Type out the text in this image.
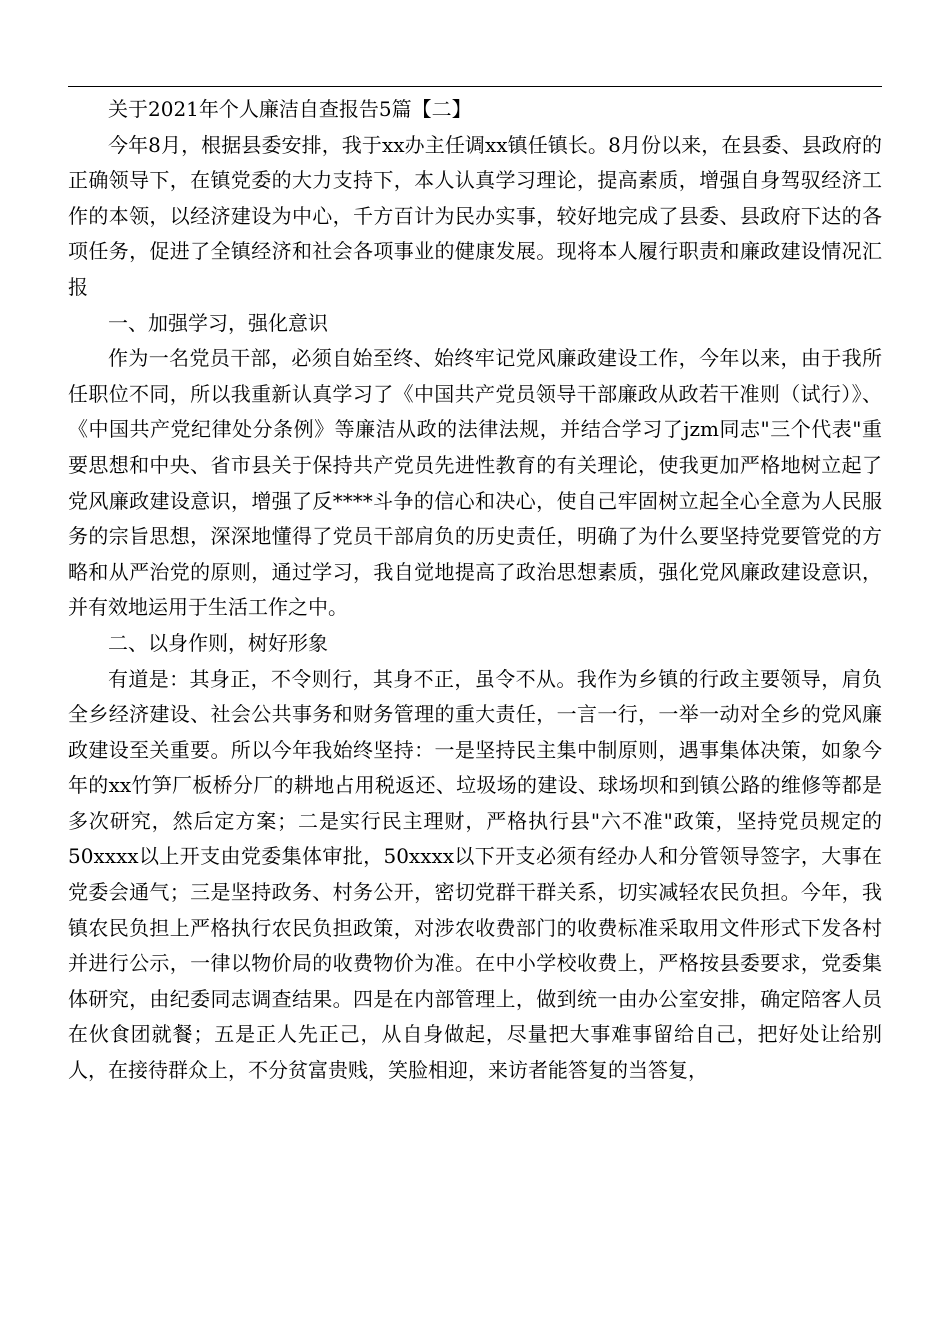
关于2021年个人廉洁自查报告5篇【二】

今年8月，根据县委安排，我于xx办主任调xx镇任镇长。8月份以来，在县委、县政府的正确领导下，在镇党委的大力支持下，本人认真学习理论，提高素质，增强自身驾驭经济工作的本领，以经济建设为中心，千方百计为民办实事，较好地完成了县委、县政府下达的各项任务，促进了全镇经济和社会各项事业的健康发展。现将本人履行职责和廉政建设情况汇报

一、加强学习，强化意识

作为一名党员干部，必须自始至终、始终牢记党风廉政建设工作，今年以来，由于我所任职位不同，所以我重新认真学习了《中国共产党员领导干部廉政从政若干准则（试行）》、《中国共产党纪律处分条例》等廉洁从政的法律法规，并结合学习了jzm同志"三个代表"重要思想和中央、省市县关于保持共产党员先进性教育的有关理论，使我更加严格地树立起了党风廉政建设意识，增强了反****斗争的信心和决心，使自己牢固树立起全心全意为人民服务的宗旨思想，深深地懂得了党员干部肩负的历史责任，明确了为什么要坚持党要管党的方略和从严治党的原则，通过学习，我自觉地提高了政治思想素质，强化党风廉政建设意识，并有效地运用于生活工作之中。

二、以身作则，树好形象

有道是：其身正，不令则行，其身不正，虽令不从。我作为乡镇的行政主要领导，肩负全乡经济建设、社会公共事务和财务管理的重大责任，一言一行，一举一动对全乡的党风廉政建设至关重要。所以今年我始终坚持：一是坚持民主集中制原则，遇事集体决策，如象今年的xx竹笋厂板桥分厂的耕地占用税返还、垃圾场的建设、球场坝和到镇公路的维修等都是多次研究，然后定方案；二是实行民主理财，严格执行县"六不准"政策，坚持党员规定的50xxxx以上开支由党委集体审批，50xxxx以下开支必须有经办人和分管领导签字，大事在党委会通气；三是坚持政务、村务公开，密切党群干群关系，切实减轻农民负担。今年，我镇农民负担上严格执行农民负担政策，对涉农收费部门的收费标准采取用文件形式下发各村并进行公示，一律以物价局的收费物价为准。在中小学校收费上，严格按县委要求，党委集体研究，由纪委同志调查结果。四是在内部管理上，做到统一由办公室安排，确定陪客人员在伙食团就餐；五是正人先正己，从自身做起，尽量把大事难事留给自己，把好处让给别人，在接待群众上，不分贫富贵贱，笑脸相迎，来访者能答复的当答复，
